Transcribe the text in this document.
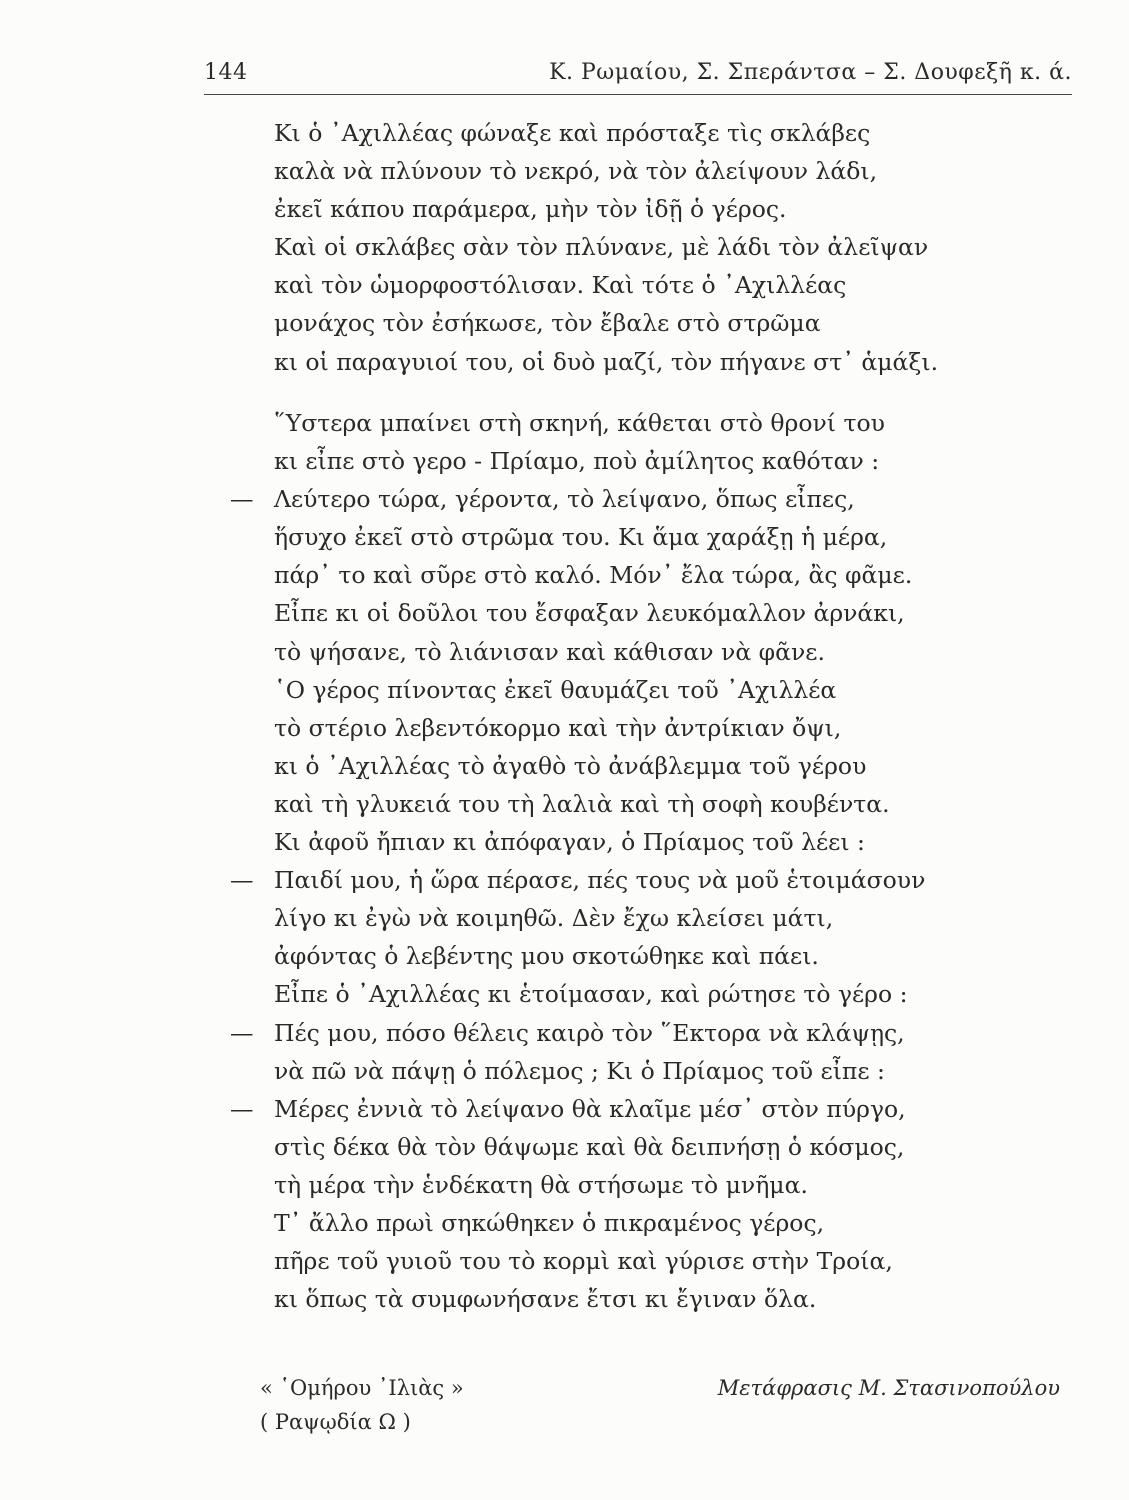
144	Κ. Ρωμαίου, Σ. Σπεράντσα – Σ. Δουφεξῆ κ. ά.
Κι ὁ ᾿Αχιλλέας φώναξε καὶ πρόσταξε τὶς σκλάβες
καλὰ νὰ πλύνουν τὸ νεκρό, νὰ τὸν ἀλείψουν λάδι,
ἐκεῖ κάπου παράμερα, μὴν τὸν ἰδῇ ὁ γέρος.
Καὶ οἱ σκλάβες σὰν τὸν πλύνανε, μὲ λάδι τὸν ἀλεῖψαν
καὶ τὸν ὡμορφοστόλισαν. Καὶ τότε ὁ ᾿Αχιλλέας
μονάχος τὸν ἐσήκωσε, τὸν ἔβαλε στὸ στρῶμα
κι οἱ παραγυιοί του, οἱ δυὸ μαζί, τὸν πήγανε στ᾿ ἁμάξι.
῞Υστερα μπαίνει στὴ σκηνή, κάθεται στὸ θρονί του
κι εἶπε στὸ γερο - Πρίαμο, ποὺ ἀμίλητος καθόταν :
— Λεύτερο τώρα, γέροντα, τὸ λείψανο, ὅπως εἶπες,
ἥσυχο ἐκεῖ στὸ στρῶμα του. Κι ἅμα χαράξῃ ἡ μέρα,
πάρ᾿ το καὶ σῦρε στὸ καλό. Μόν᾿ ἔλα τώρα, ἂς φᾶμε.
Εἶπε κι οἱ δοῦλοι του ἔσφαξαν λευκόμαλλον ἀρνάκι,
τὸ ψήσανε, τὸ λιάνισαν καὶ κάθισαν νὰ φᾶνε.
῾Ο γέρος πίνοντας ἐκεῖ θαυμάζει τοῦ ᾿Αχιλλέα
τὸ στέριο λεβεντόκορμο καὶ τὴν ἀντρίκιαν ὄψι,
κι ὁ ᾿Αχιλλέας τὸ ἀγαθὸ τὸ ἀνάβλεμμα τοῦ γέρου
καὶ τὴ γλυκειά του τὴ λαλιὰ καὶ τὴ σοφὴ κουβέντα.
Κι ἀφοῦ ἤπιαν κι ἀπόφαγαν, ὁ Πρίαμος τοῦ λέει :
— Παιδί μου, ἡ ὥρα πέρασε, πές τους νὰ μοῦ ἑτοιμάσουν
λίγο κι ἐγὼ νὰ κοιμηθῶ. Δὲν ἔχω κλείσει μάτι,
ἀφόντας ὁ λεβέντης μου σκοτώθηκε καὶ πάει.
Εἶπε ὁ ᾿Αχιλλέας κι ἑτοίμασαν, καὶ ρώτησε τὸ γέρο :
— Πές μου, πόσο θέλεις καιρὸ τὸν ῞Εκτορα νὰ κλάψῃς,
νὰ πῶ νὰ πάψῃ ὁ πόλεμος ; Κι ὁ Πρίαμος τοῦ εἶπε :
— Μέρες ἐννιὰ τὸ λείψανο θὰ κλαῖμε μέσ᾿ στὸν πύργο,
στὶς δέκα θὰ τὸν θάψωμε καὶ θὰ δειπνήσῃ ὁ κόσμος,
τὴ μέρα τὴν ἑνδέκατη θὰ στήσωμε τὸ μνῆμα.
Τ᾿ ἄλλο πρωὶ σηκώθηκεν ὁ πικραμένος γέρος,
πῆρε τοῦ γυιοῦ του τὸ κορμὶ καὶ γύρισε στὴν Τροία,
κι ὅπως τὰ συμφωνήσανε ἔτσι κι ἔγιναν ὅλα.
« ῾Ομήρου ᾿Ιλιὰς »
( Ραψῳδία Ω )
Μετάφρασις Μ. Στασινοπούλου
